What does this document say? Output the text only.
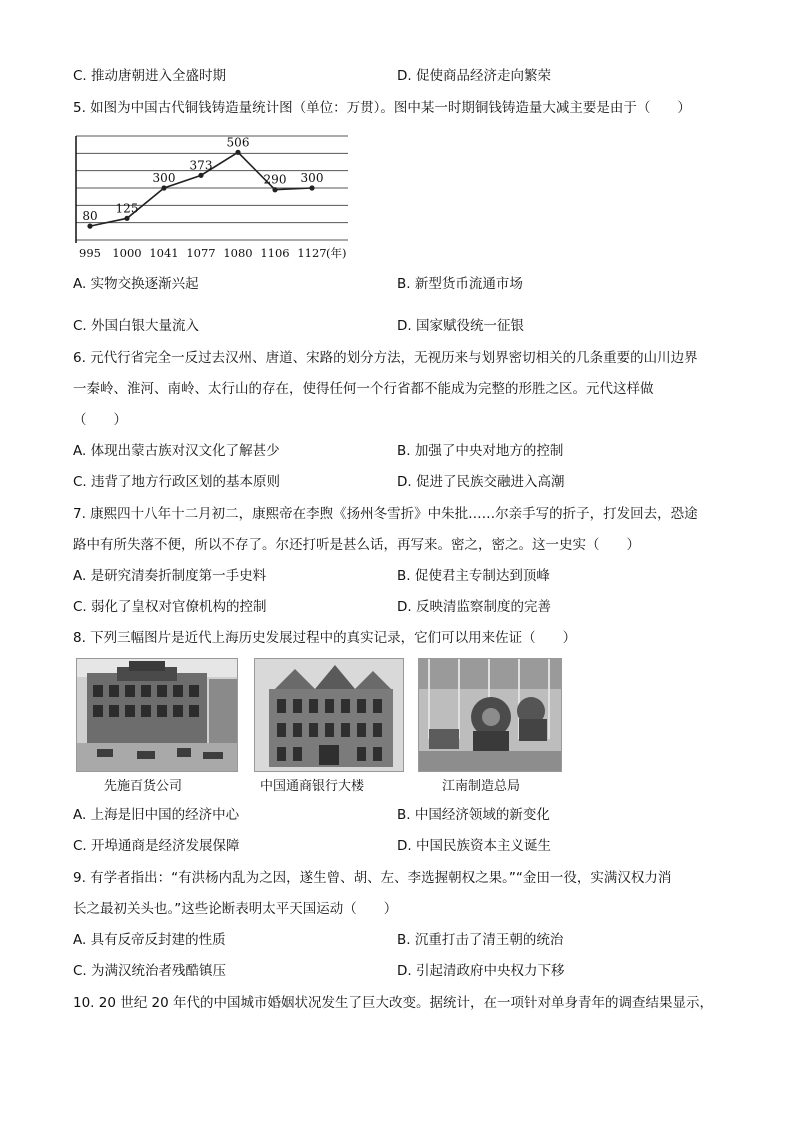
C. 推动唐朝进入全盛时期	D. 促使商品经济走向繁荣
5. 如图为中国古代铜钱铸造量统计图（单位：万贯）。图中某一时期铜钱铸造量大减主要是由于（　　）
80
125
300
373
506
290 300
995 1000 1041 1077 1080 1106 1127 (年)
A. 实物交换逐渐兴起	B. 新型货币流通市场
C. 外国白银大量流入	D. 国家赋役统一征银
6. 元代行省完全一反过去汉州、唐道、宋路的划分方法，无视历来与划界密切相关的几条重要的山川边界
一秦岭、淮河、南岭、太行山的存在，使得任何一个行省都不能成为完整的形胜之区。元代这样做
（　　）
A. 体现出蒙古族对汉文化了解甚少	B. 加强了中央对地方的控制
C. 违背了地方行政区划的基本原则	D. 促进了民族交融进入高潮
7. 康熙四十八年十二月初二，康熙帝在李煦《扬州冬雪折》中朱批……尔亲手写的折子，打发回去，恐途
路中有所失落不便，所以不存了。尔还打听是甚么话，再写来。密之，密之。这一史实（　　）
A. 是研究清奏折制度第一手史料	B. 促使君主专制达到顶峰
C. 弱化了皇权对官僚机构的控制	D. 反映清监察制度的完善
8. 下列三幅图片是近代上海历史发展过程中的真实记录，它们可以用来佐证（　　）
先施百货公司	中国通商银行大楼	江南制造总局
A. 上海是旧中国的经济中心	B. 中国经济领域的新变化
C. 开埠通商是经济发展保障	D. 中国民族资本主义诞生
9. 有学者指出：“有洪杨内乱为之因，遂生曾、胡、左、李选握朝权之果。”“金田一役，实满汉权力消
长之最初关头也。”这些论断表明太平天国运动（　　）
A. 具有反帝反封建的性质	B. 沉重打击了清王朝的统治
C. 为满汉统治者残酷镇压	D. 引起清政府中央权力下移
10. 20 世纪 20 年代的中国城市婚姻状况发生了巨大改变。据统计，在一项针对单身青年的调查结果显示，
